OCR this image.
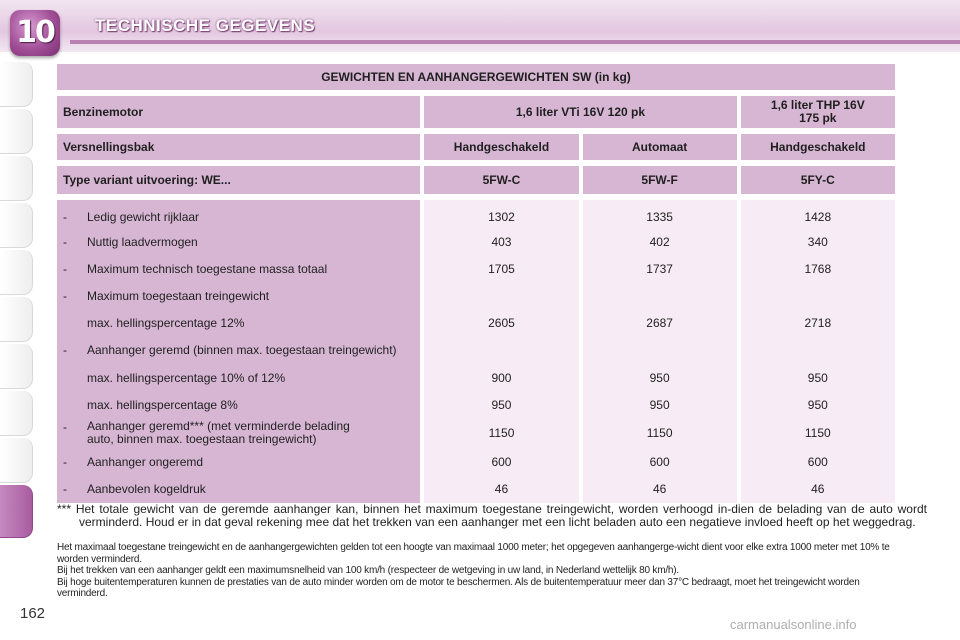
10	TECHNISCHE GEGEVENS
GEWICHTEN EN AANHANGERGEWICHTEN SW (in kg)			

Benzinemotor	1,6 liter VTi 16V 120 pk		1,6 liter THP 16V
175 pk

Versnellingsbak	Handgeschakeld	Automaat	Handgeschakeld

Type variant uitvoering: WE...	5FW-C	5FW-F	5FY-C

- Ledig gewicht rijklaar	1302	1335	1428
- Nuttig laadvermogen	403	402	340
- Maximum technisch toegestane massa totaal	1705	1737	1768
- Maximum toegestaan treingewicht			
max. hellingspercentage 12%	2605	2687	2718
- Aanhanger geremd (binnen max. toegestaan treingewicht)			
max. hellingspercentage 10% of 12%	900	950	950
max. hellingspercentage 8%	950	950	950
- Aanhanger geremd*** (met verminderde belading
auto, binnen max. toegestaan treingewicht)	1150	1150	1150
- Aanhanger ongeremd	600	600	600
- Aanbevolen kogeldruk	46	46	46

*** Het totale gewicht van de geremde aanhanger kan, binnen het maximum toegestane treingewicht, worden verhoogd in-dien de belading van de auto wordt verminderd. Houd er in dat geval rekening mee dat het trekken van een aanhanger met een licht beladen auto een negatieve invloed heeft op het weggedrag.

Het maximaal toegestane treingewicht en de aanhangergewichten gelden tot een hoogte van maximaal 1000 meter; het opgegeven aanhangerge-wicht dient voor elke extra 1000 meter met 10% te worden verminderd.

Bij het trekken van een aanhanger geldt een maximumsnelheid van 100 km/h (respecteer de wetgeving in uw land, in Nederland wettelijk 80 km/h).

Bij hoge buitentemperaturen kunnen de prestaties van de auto minder worden om de motor te beschermen. Als de buitentemperatuur meer dan 37°C bedraagt, moet het treingewicht worden verminderd.

162
carmanualsonline.info
